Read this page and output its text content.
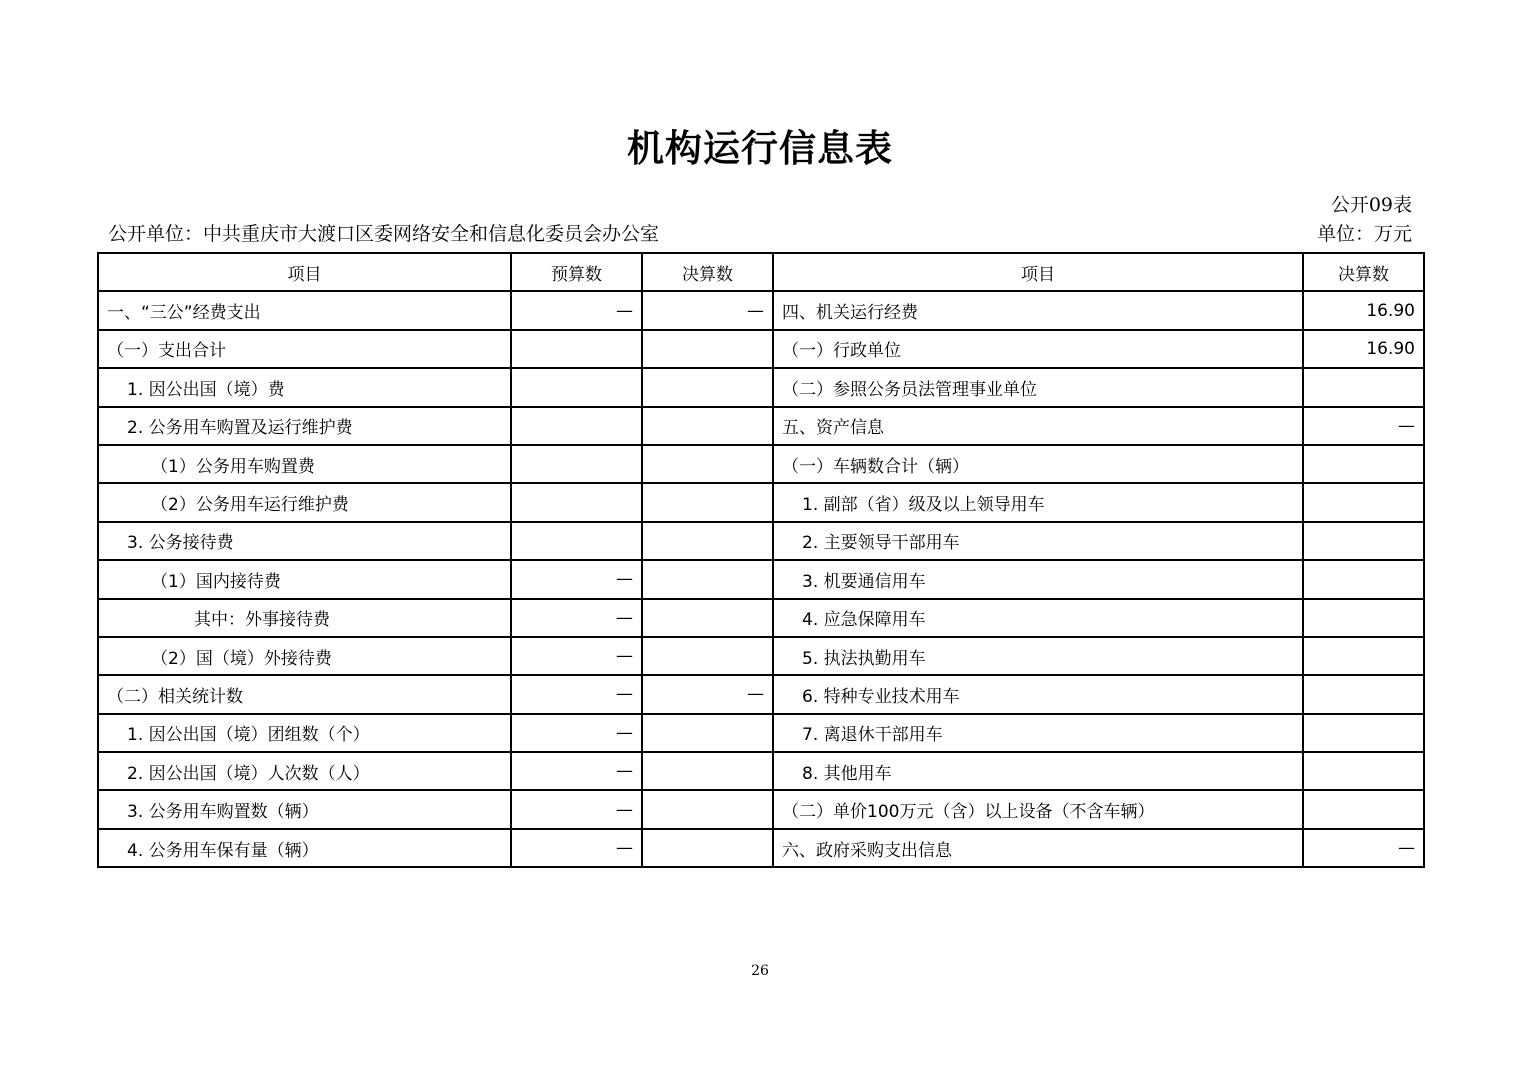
机构运行信息表
公开09表
公开单位：中共重庆市大渡口区委网络安全和信息化委员会办公室	单位：万元
项目	预算数	决算数	项目	决算数
一、“三公”经费支出	—	—	四、机关运行经费	16.90
（一）支出合计			（一）行政单位	16.90
1. 因公出国（境）费			（二）参照公务员法管理事业单位	
2. 公务用车购置及运行维护费			五、资产信息	—
（1）公务用车购置费			（一）车辆数合计（辆）	
（2）公务用车运行维护费			1. 副部（省）级及以上领导用车	
3. 公务接待费			2. 主要领导干部用车	
（1）国内接待费	—		3. 机要通信用车	
其中：外事接待费	—		4. 应急保障用车	
（2）国（境）外接待费	—		5. 执法执勤用车	
（二）相关统计数	—	—	6. 特种专业技术用车	
1. 因公出国（境）团组数（个）	—		7. 离退休干部用车	
2. 因公出国（境）人次数（人）	—		8. 其他用车	
3. 公务用车购置数（辆）	—		（二）单价100万元（含）以上设备（不含车辆）	
4. 公务用车保有量（辆）	—		六、政府采购支出信息	—
26
